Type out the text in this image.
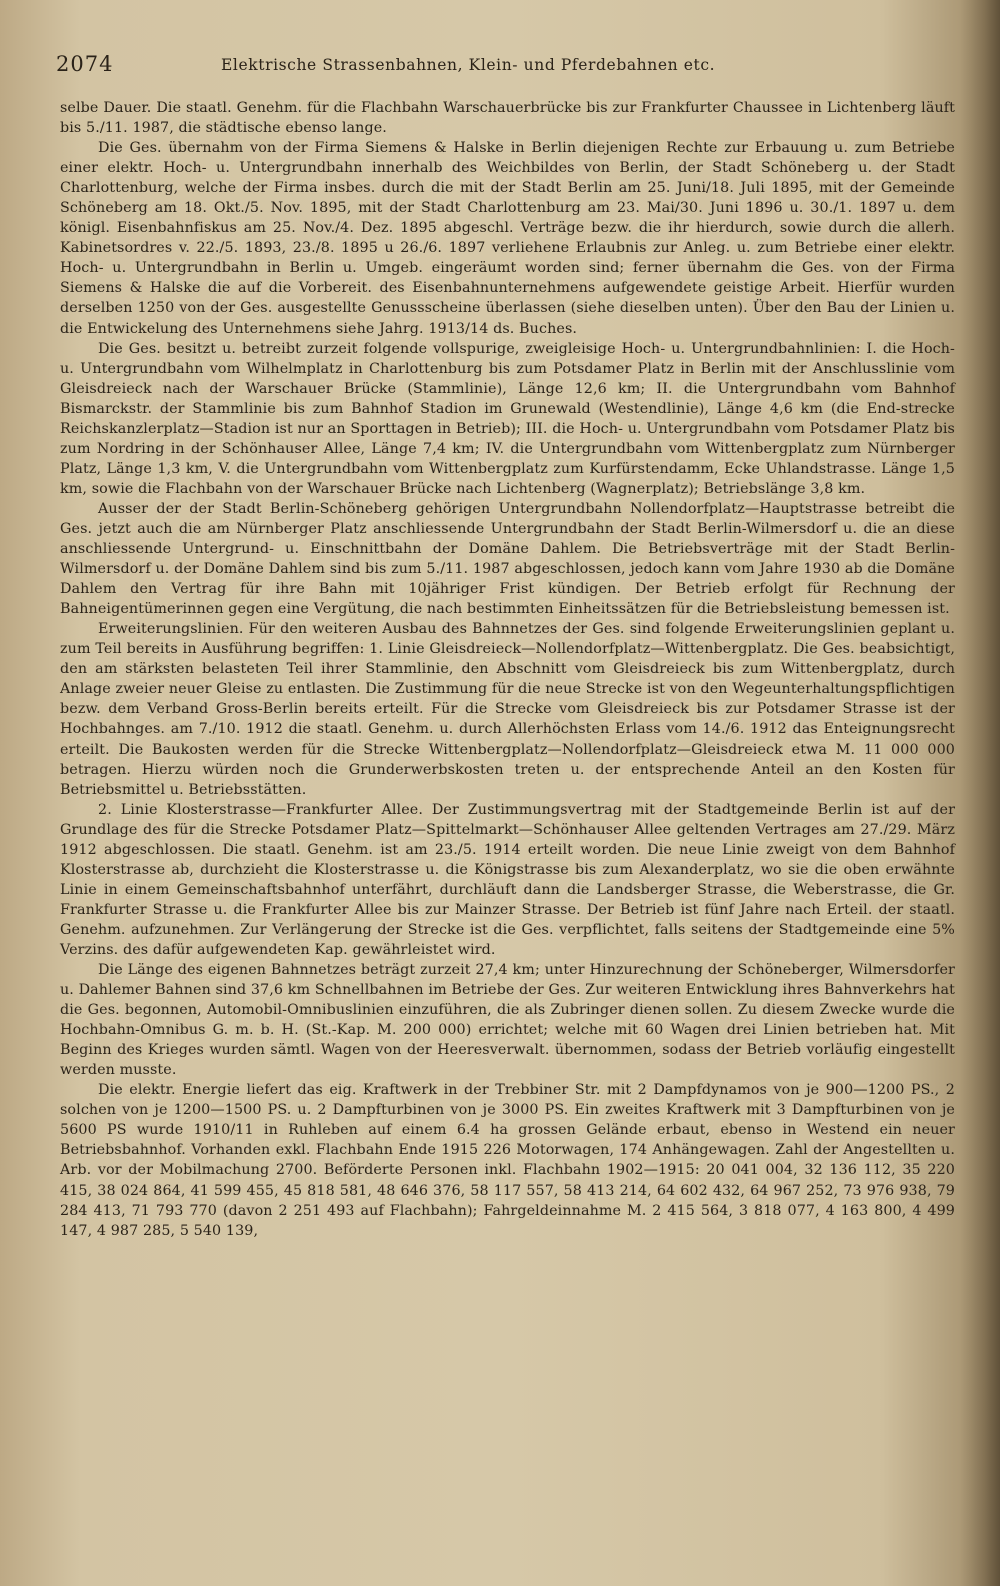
2074	Elektrische Strassenbahnen, Klein- und Pferdebahnen etc.

selbe Dauer. Die staatl. Genehm. für die Flachbahn Warschauerbrücke bis zur Frankfurter Chaussee in Lichtenberg läuft bis 5./11. 1987, die städtische ebenso lange.

Die Ges. übernahm von der Firma Siemens & Halske in Berlin diejenigen Rechte zur Erbauung u. zum Betriebe einer elektr. Hoch- u. Untergrundbahn innerhalb des Weichbildes von Berlin, der Stadt Schöneberg u. der Stadt Charlottenburg, welche der Firma insbes. durch die mit der Stadt Berlin am 25. Juni/18. Juli 1895, mit der Gemeinde Schöneberg am 18. Okt./5. Nov. 1895, mit der Stadt Charlottenburg am 23. Mai/30. Juni 1896 u. 30./1. 1897 u. dem königl. Eisenbahnfiskus am 25. Nov./4. Dez. 1895 abgeschl. Verträge bezw. die ihr hierdurch, sowie durch die allerh. Kabinetsordres v. 22./5. 1893, 23./8. 1895 u 26./6. 1897 verliehene Erlaubnis zur Anleg. u. zum Betriebe einer elektr. Hoch- u. Untergrundbahn in Berlin u. Umgeb. eingeräumt worden sind; ferner übernahm die Ges. von der Firma Siemens & Halske die auf die Vorbereit. des Eisenbahnunternehmens aufgewendete geistige Arbeit. Hierfür wurden derselben 1250 von der Ges. ausgestellte Genussscheine überlassen (siehe dieselben unten). Über den Bau der Linien u. die Entwickelung des Unternehmens siehe Jahrg. 1913/14 ds. Buches.

Die Ges. besitzt u. betreibt zurzeit folgende vollspurige, zweigleisige Hoch- u. Untergrundbahnlinien: I. die Hoch- u. Untergrundbahn vom Wilhelmplatz in Charlottenburg bis zum Potsdamer Platz in Berlin mit der Anschlusslinie vom Gleisdreieck nach der Warschauer Brücke (Stammlinie), Länge 12,6 km; II. die Untergrundbahn vom Bahnhof Bismarckstr. der Stammlinie bis zum Bahnhof Stadion im Grunewald (Westendlinie), Länge 4,6 km (die End-strecke Reichskanzlerplatz—Stadion ist nur an Sporttagen in Betrieb); III. die Hoch- u. Untergrundbahn vom Potsdamer Platz bis zum Nordring in der Schönhauser Allee, Länge 7,4 km; IV. die Untergrundbahn vom Wittenbergplatz zum Nürnberger Platz, Länge 1,3 km, V. die Untergrundbahn vom Wittenbergplatz zum Kurfürstendamm, Ecke Uhlandstrasse. Länge 1,5 km, sowie die Flachbahn von der Warschauer Brücke nach Lichtenberg (Wagnerplatz); Betriebslänge 3,8 km.

Ausser der der Stadt Berlin-Schöneberg gehörigen Untergrundbahn Nollendorfplatz—Hauptstrasse betreibt die Ges. jetzt auch die am Nürnberger Platz anschliessende Untergrundbahn der Stadt Berlin-Wilmersdorf u. die an diese anschliessende Untergrund- u. Einschnittbahn der Domäne Dahlem. Die Betriebsverträge mit der Stadt Berlin-Wilmersdorf u. der Domäne Dahlem sind bis zum 5./11. 1987 abgeschlossen, jedoch kann vom Jahre 1930 ab die Domäne Dahlem den Vertrag für ihre Bahn mit 10jähriger Frist kündigen. Der Betrieb erfolgt für Rechnung der Bahneigentümerinnen gegen eine Vergütung, die nach bestimmten Einheitssätzen für die Betriebsleistung bemessen ist.

Erweiterungslinien. Für den weiteren Ausbau des Bahnnetzes der Ges. sind folgende Erweiterungslinien geplant u. zum Teil bereits in Ausführung begriffen: 1. Linie Gleisdreieck—Nollendorfplatz—Wittenbergplatz. Die Ges. beabsichtigt, den am stärksten belasteten Teil ihrer Stammlinie, den Abschnitt vom Gleisdreieck bis zum Wittenbergplatz, durch Anlage zweier neuer Gleise zu entlasten. Die Zustimmung für die neue Strecke ist von den Wegeunterhaltungspflichtigen bezw. dem Verband Gross-Berlin bereits erteilt. Für die Strecke vom Gleisdreieck bis zur Potsdamer Strasse ist der Hochbahnges. am 7./10. 1912 die staatl. Genehm. u. durch Allerhöchsten Erlass vom 14./6. 1912 das Enteignungsrecht erteilt. Die Baukosten werden für die Strecke Wittenbergplatz—Nollendorfplatz—Gleisdreieck etwa M. 11 000 000 betragen. Hierzu würden noch die Grunderwerbskosten treten u. der entsprechende Anteil an den Kosten für Betriebsmittel u. Betriebsstätten.

2. Linie Klosterstrasse—Frankfurter Allee. Der Zustimmungsvertrag mit der Stadtgemeinde Berlin ist auf der Grundlage des für die Strecke Potsdamer Platz—Spittelmarkt—Schönhauser Allee geltenden Vertrages am 27./29. März 1912 abgeschlossen. Die staatl. Genehm. ist am 23./5. 1914 erteilt worden. Die neue Linie zweigt von dem Bahnhof Klosterstrasse ab, durchzieht die Klosterstrasse u. die Königstrasse bis zum Alexanderplatz, wo sie die oben erwähnte Linie in einem Gemeinschaftsbahnhof unterfährt, durchläuft dann die Landsberger Strasse, die Weberstrasse, die Gr. Frankfurter Strasse u. die Frankfurter Allee bis zur Mainzer Strasse. Der Betrieb ist fünf Jahre nach Erteil. der staatl. Genehm. aufzunehmen. Zur Verlängerung der Strecke ist die Ges. verpflichtet, falls seitens der Stadtgemeinde eine 5% Verzins. des dafür aufgewendeten Kap. gewährleistet wird.

Die Länge des eigenen Bahnnetzes beträgt zurzeit 27,4 km; unter Hinzurechnung der Schöneberger, Wilmersdorfer u. Dahlemer Bahnen sind 37,6 km Schnellbahnen im Betriebe der Ges. Zur weiteren Entwicklung ihres Bahnverkehrs hat die Ges. begonnen, Automobil-Omnibuslinien einzuführen, die als Zubringer dienen sollen. Zu diesem Zwecke wurde die Hochbahn-Omnibus G. m. b. H. (St.-Kap. M. 200 000) errichtet; welche mit 60 Wagen drei Linien betrieben hat. Mit Beginn des Krieges wurden sämtl. Wagen von der Heeresverwalt. übernommen, sodass der Betrieb vorläufig eingestellt werden musste.

Die elektr. Energie liefert das eig. Kraftwerk in der Trebbiner Str. mit 2 Dampfdynamos von je 900—1200 PS., 2 solchen von je 1200—1500 PS. u. 2 Dampfturbinen von je 3000 PS. Ein zweites Kraftwerk mit 3 Dampfturbinen von je 5600 PS wurde 1910/11 in Ruhleben auf einem 6.4 ha grossen Gelände erbaut, ebenso in Westend ein neuer Betriebsbahnhof. Vorhanden exkl. Flachbahn Ende 1915 226 Motorwagen, 174 Anhängewagen. Zahl der Angestellten u. Arb. vor der Mobilmachung 2700. Beförderte Personen inkl. Flachbahn 1902—1915: 20 041 004, 32 136 112, 35 220 415, 38 024 864, 41 599 455, 45 818 581, 48 646 376, 58 117 557, 58 413 214, 64 602 432, 64 967 252, 73 976 938, 79 284 413, 71 793 770 (davon 2 251 493 auf Flachbahn); Fahrgeldeinnahme M. 2 415 564, 3 818 077, 4 163 800, 4 499 147, 4 987 285, 5 540 139,
